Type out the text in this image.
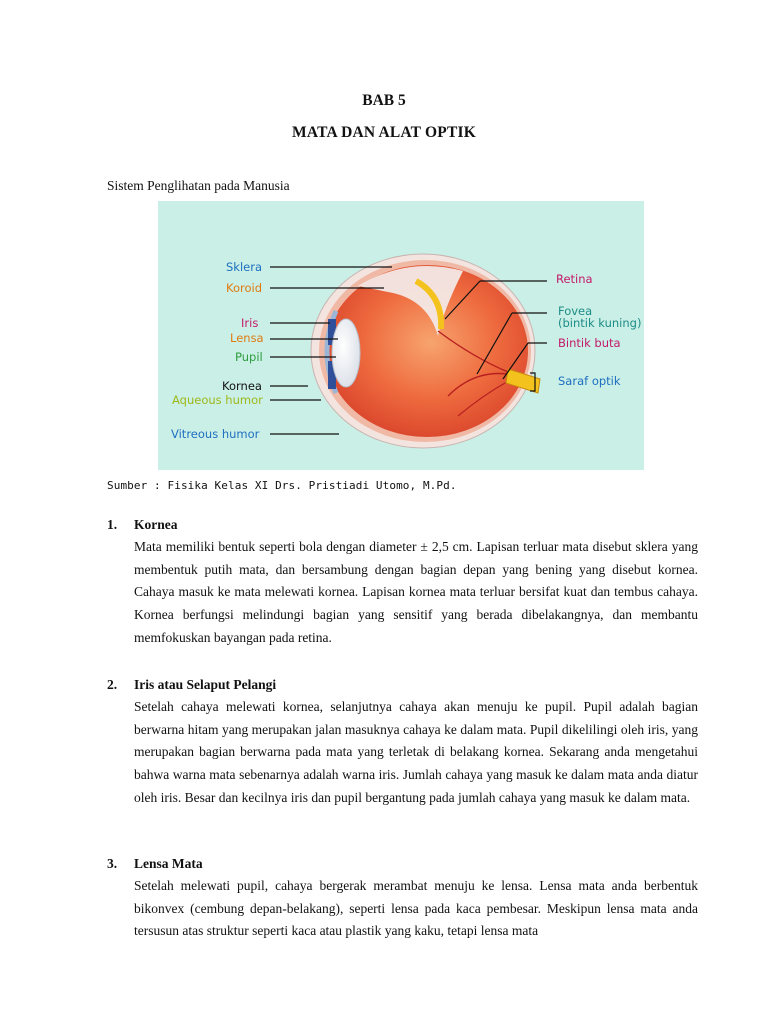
BAB 5
MATA DAN ALAT OPTIK
Sistem Penglihatan pada Manusia
Sklera
Koroid
Iris
Lensa
Pupil
Kornea
Aqueous humor
Vitreous humor
Retina
Fovea
(bintik kuning)
Bintik buta
Saraf optik
Sumber : Fisika Kelas XI Drs. Pristiadi Utomo, M.Pd.
1.	Kornea
Mata memiliki bentuk seperti bola dengan diameter ± 2,5 cm. Lapisan terluar mata disebut sklera yang membentuk putih mata, dan bersambung dengan bagian depan yang bening yang disebut kornea. Cahaya masuk ke mata melewati kornea. Lapisan kornea mata terluar bersifat kuat dan tembus cahaya. Kornea berfungsi melindungi bagian yang sensitif yang berada dibelakangnya, dan membantu memfokuskan bayangan pada retina.
2.	Iris atau Selaput Pelangi
Setelah cahaya melewati kornea, selanjutnya cahaya akan menuju ke pupil. Pupil adalah bagian berwarna hitam yang merupakan jalan masuknya cahaya ke dalam mata. Pupil dikelilingi oleh iris, yang merupakan bagian berwarna pada mata yang terletak di belakang kornea. Sekarang anda mengetahui bahwa warna mata sebenarnya adalah warna iris. Jumlah cahaya yang masuk ke dalam mata anda diatur oleh iris. Besar dan kecilnya iris dan pupil bergantung pada jumlah cahaya yang masuk ke dalam mata.
3.	Lensa Mata
Setelah melewati pupil, cahaya bergerak merambat menuju ke lensa. Lensa mata anda berbentuk bikonvex (cembung depan-belakang), seperti lensa pada kaca pembesar. Meskipun lensa mata anda tersusun atas struktur seperti kaca atau plastik yang kaku, tetapi lensa mata
